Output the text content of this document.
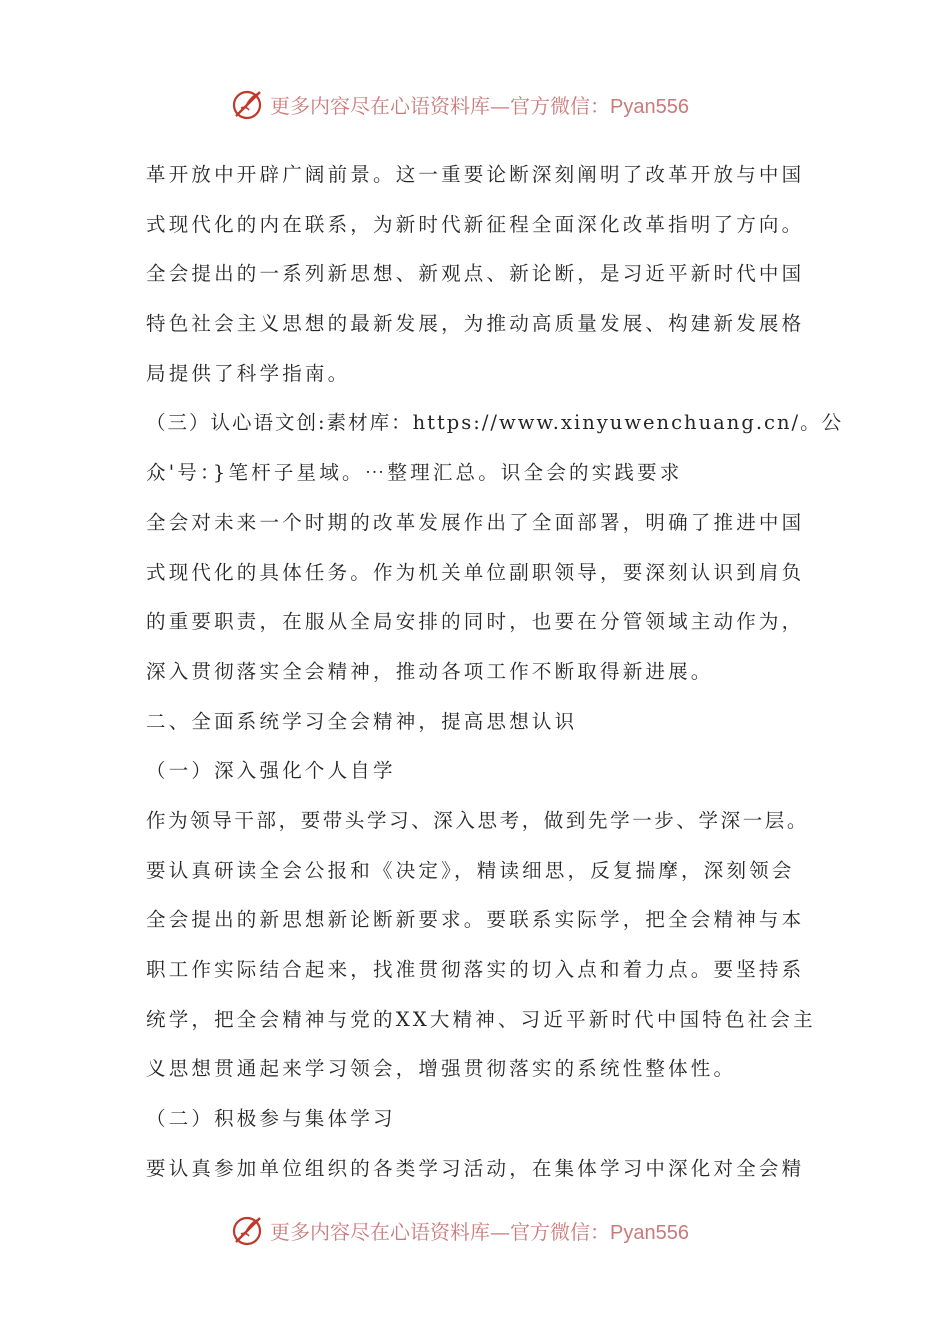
更多内容尽在心语资料库—官方微信：Pyan556
革开放中开辟广阔前景。这一重要论断深刻阐明了改革开放与中国
式现代化的内在联系，为新时代新征程全面深化改革指明了方向。
全会提出的一系列新思想、新观点、新论断，是习近平新时代中国
特色社会主义思想的最新发展，为推动高质量发展、构建新发展格
局提供了科学指南。
（三）认心语文创:素材库：https://www.xinyuwenchuang.cn/。公
众'号：}笔杆子星域。⋯整理汇总。识全会的实践要求
全会对未来一个时期的改革发展作出了全面部署，明确了推进中国
式现代化的具体任务。作为机关单位副职领导，要深刻认识到肩负
的重要职责，在服从全局安排的同时，也要在分管领域主动作为，
深入贯彻落实全会精神，推动各项工作不断取得新进展。
二、全面系统学习全会精神，提高思想认识
（一）深入强化个人自学
作为领导干部，要带头学习、深入思考，做到先学一步、学深一层。
要认真研读全会公报和《决定》，精读细思，反复揣摩，深刻领会
全会提出的新思想新论断新要求。要联系实际学，把全会精神与本
职工作实际结合起来，找准贯彻落实的切入点和着力点。要坚持系
统学，把全会精神与党的XX大精神、习近平新时代中国特色社会主
义思想贯通起来学习领会，增强贯彻落实的系统性整体性。
（二）积极参与集体学习
要认真参加单位组织的各类学习活动，在集体学习中深化对全会精
更多内容尽在心语资料库—官方微信：Pyan556
